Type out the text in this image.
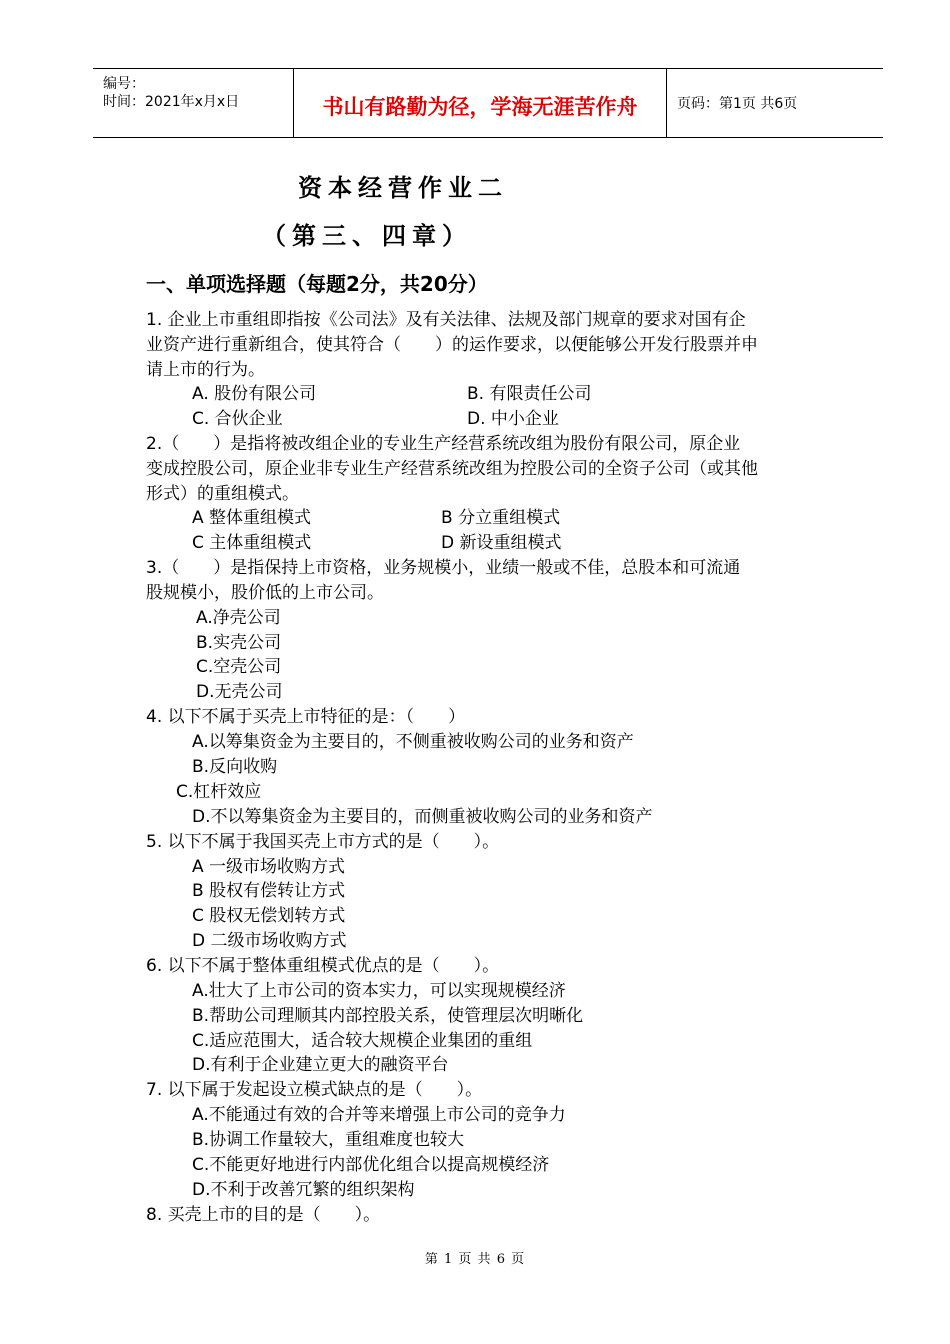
编号：
时间：2021年x月x日	书山有路勤为径，学海无涯苦作舟	页码：第1页 共6页
资本经营作业二
（第三、四章）
一、单项选择题（每题2分，共20分）
1. 企业上市重组即指按《公司法》及有关法律、法规及部门规章的要求对国有企
业资产进行重新组合，使其符合（　　）的运作要求，以便能够公开发行股票并申
请上市的行为。
A. 股份有限公司	B. 有限责任公司
C. 合伙企业	D. 中小企业
2.（　　）是指将被改组企业的专业生产经营系统改组为股份有限公司，原企业
变成控股公司，原企业非专业生产经营系统改组为控股公司的全资子公司（或其他
形式）的重组模式。
A 整体重组模式	B 分立重组模式
C 主体重组模式	D 新设重组模式
3.（　　）是指保持上市资格，业务规模小，业绩一般或不佳，总股本和可流通
股规模小，股价低的上市公司。
A.净壳公司
B.实壳公司
C.空壳公司
D.无壳公司
4. 以下不属于买壳上市特征的是：（　　）
A.以筹集资金为主要目的，不侧重被收购公司的业务和资产
B.反向收购
C.杠杆效应
D.不以筹集资金为主要目的，而侧重被收购公司的业务和资产
5. 以下不属于我国买壳上市方式的是（　　）。
A 一级市场收购方式
B 股权有偿转让方式
C 股权无偿划转方式
D 二级市场收购方式
6. 以下不属于整体重组模式优点的是（　　）。
A.壮大了上市公司的资本实力，可以实现规模经济
B.帮助公司理顺其内部控股关系，使管理层次明晰化
C.适应范围大，适合较大规模企业集团的重组
D.有利于企业建立更大的融资平台
7. 以下属于发起设立模式缺点的是（　　）。
A.不能通过有效的合并等来增强上市公司的竞争力
B.协调工作量较大，重组难度也较大
C.不能更好地进行内部优化组合以提高规模经济
D.不利于改善冗繁的组织架构
8. 买壳上市的目的是（　　）。
第 1 页 共 6 页
